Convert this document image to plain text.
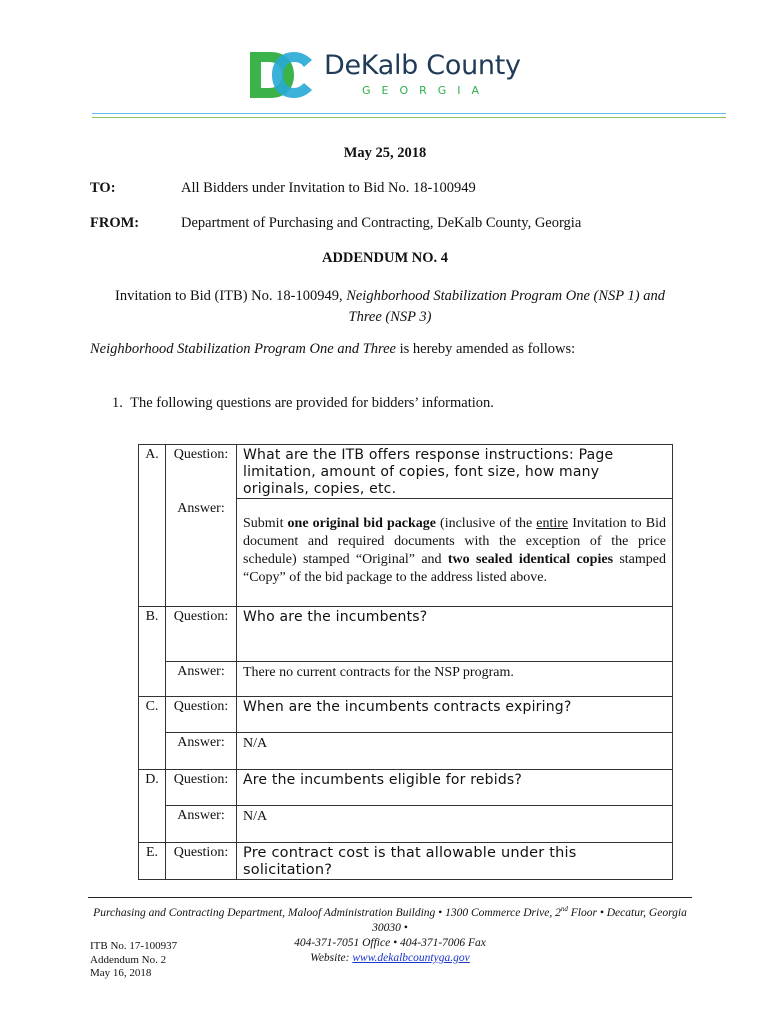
DeKalb County
GEORGIA
May 25, 2018
TO:	All Bidders under Invitation to Bid No. 18-100949
FROM:	Department of Purchasing and Contracting, DeKalb County, Georgia
ADDENDUM NO. 4
Invitation to Bid (ITB) No. 18-100949, Neighborhood Stabilization Program One (NSP 1) and
Three (NSP 3)
Neighborhood Stabilization Program One and Three is hereby amended as follows:
1. The following questions are provided for bidders’ information.
A.	Question:	What are the ITB offers response instructions: Page limitation, amount of copies, font size, how many originals, copies, etc.
	Answer:	Submit one original bid package (inclusive of the entire Invitation to Bid document and required documents with the exception of the price schedule) stamped “Original” and two sealed identical copies stamped “Copy” of the bid package to the address listed above.
B.	Question:	Who are the incumbents?
	Answer:	There no current contracts for the NSP program.
C.	Question:	When are the incumbents contracts expiring?
	Answer:	N/A
D.	Question:	Are the incumbents eligible for rebids?
	Answer:	N/A
E.	Question:	Pre contract cost is that allowable under this solicitation?
Purchasing and Contracting Department, Maloof Administration Building • 1300 Commerce Drive, 2nd Floor • Decatur, Georgia 30030 •
404-371-7051 Office • 404-371-7006 Fax
Website: www.dekalbcountyga.gov
ITB No. 17-100937
Addendum No. 2
May 16, 2018
